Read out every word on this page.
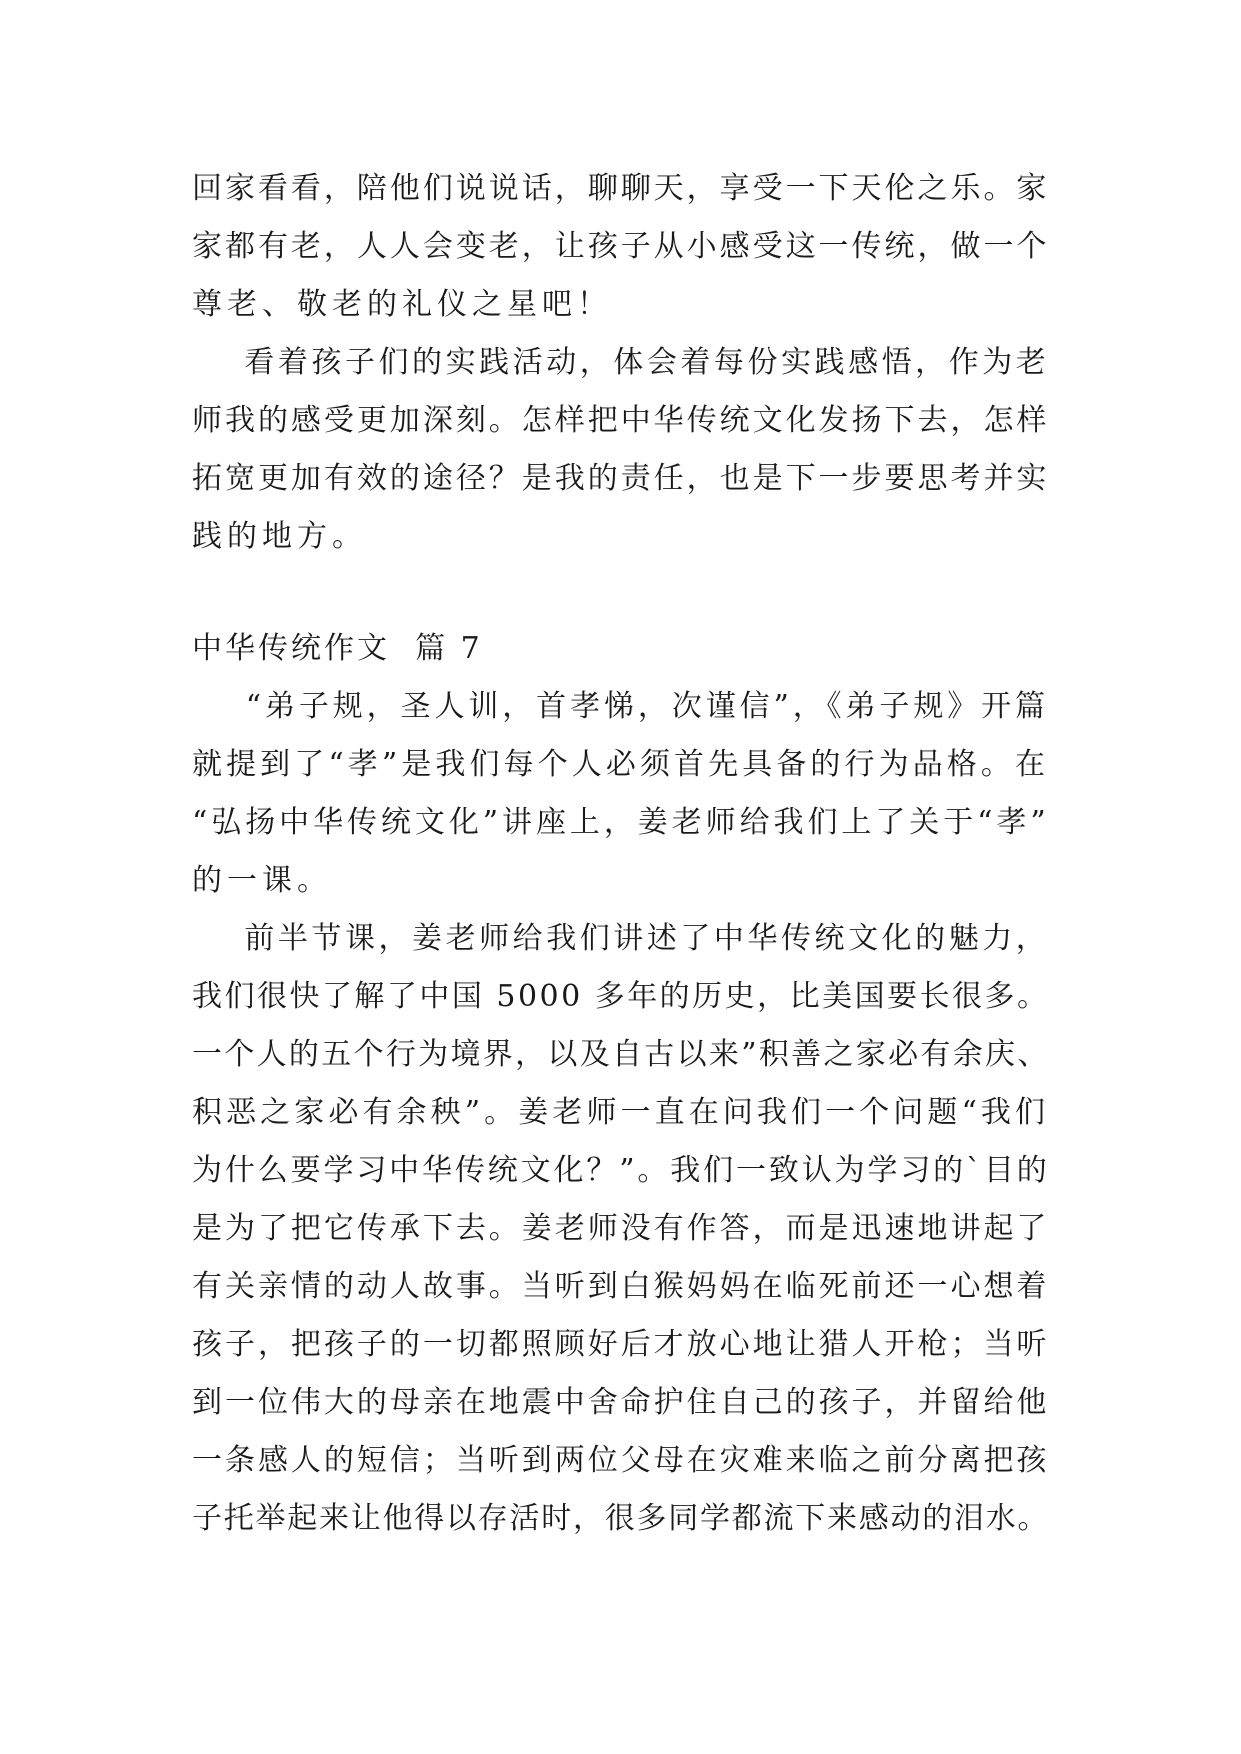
回家看看，陪他们说说话，聊聊天，享受一下天伦之乐。家
家都有老，人人会变老，让孩子从小感受这一传统，做一个
尊老、敬老的礼仪之星吧！
看着孩子们的实践活动，体会着每份实践感悟，作为老
师我的感受更加深刻。怎样把中华传统文化发扬下去，怎样
拓宽更加有效的途径？是我的责任，也是下一步要思考并实
践的地方。
中华传统作文  篇 7
“弟子规，圣人训，首孝悌，次谨信”，《弟子规》开篇
就提到了“孝”是我们每个人必须首先具备的行为品格。在
“弘扬中华传统文化”讲座上，姜老师给我们上了关于“孝”
的一课。
前半节课，姜老师给我们讲述了中华传统文化的魅力，
我们很快了解了中国 5000 多年的历史，比美国要长很多。
一个人的五个行为境界，以及自古以来”积善之家必有余庆、
积恶之家必有余秧”。姜老师一直在问我们一个问题“我们
为什么要学习中华传统文化？”。我们一致认为学习的`目的
是为了把它传承下去。姜老师没有作答，而是迅速地讲起了
有关亲情的动人故事。当听到白猴妈妈在临死前还一心想着
孩子，把孩子的一切都照顾好后才放心地让猎人开枪；当听
到一位伟大的母亲在地震中舍命护住自己的孩子，并留给他
一条感人的短信；当听到两位父母在灾难来临之前分离把孩
子托举起来让他得以存活时，很多同学都流下来感动的泪水。
